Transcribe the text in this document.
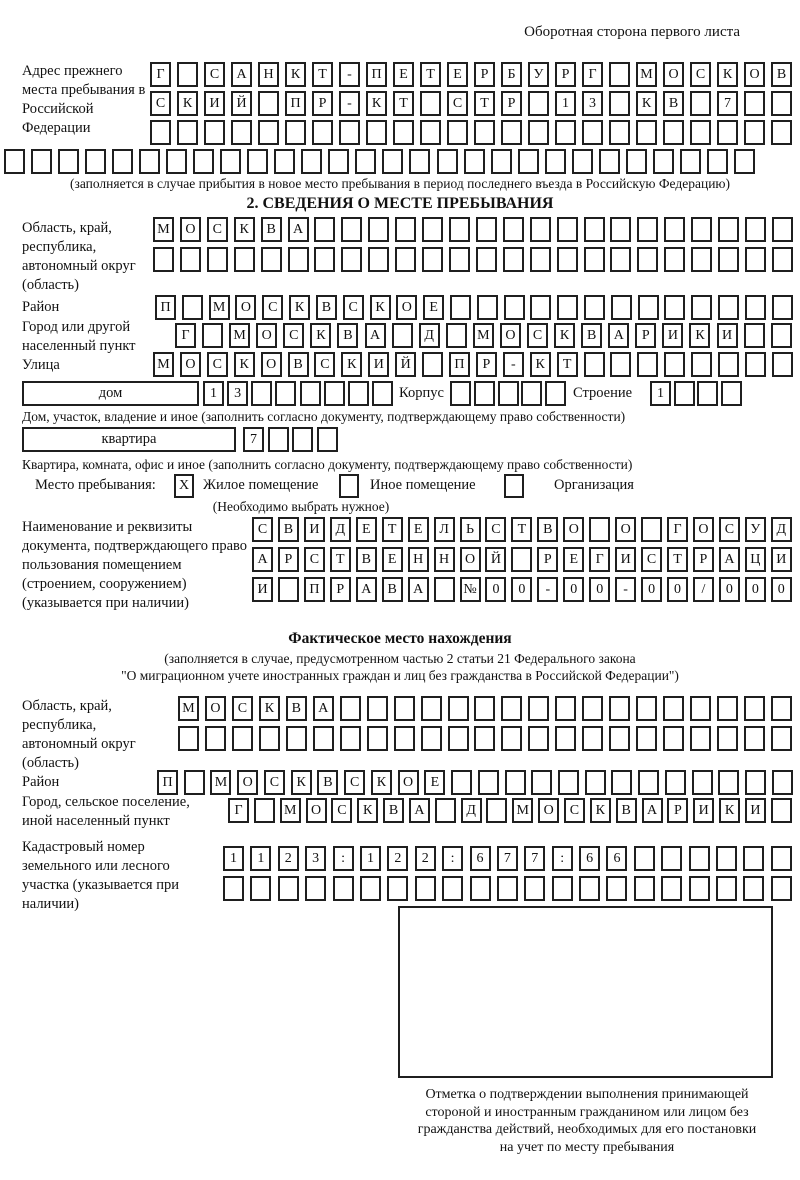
Оборотная сторона первого листа
Адрес прежнего места пребывания в Российской Федерации
Г	С	А	Н	К	Т	-	П	Е	Т	Е	Р	Б	У	Р	Г	М	О	С	К	О	В
С	К	И	Й	П	Р	-	К	Т	С	Т	Р	1	3	К	В	7
(заполняется в случае прибытия в новое место пребывания в период последнего въезда в Российскую Федерацию)
2. СВЕДЕНИЯ О МЕСТЕ ПРЕБЫВАНИЯ
Область, край, республика, автономный округ (область)
М	О	С	К	В	А
Район	П	М	О	С	К	В	С	К	О	Е
Город или другой населенный пункт
Г	М	О	С	К	В	А	Д	М	О	С	К	В	А	Р	И	К	И
Улица	М	О	С	К	О	В	С	К	И	Й	П	Р	-	К	Т
дом	1	3	Корпус	Строение	1
Дом, участок, владение и иное (заполнить согласно документу, подтверждающему право собственности)
квартира	7
Квартира, комната, офис и иное (заполнить согласно документу, подтверждающему право собственности)
Место пребывания:	X Жилое помещение	Иное помещение	Организация
(Необходимо выбрать нужное)
Наименование и реквизиты документа, подтверждающего право пользования помещением (строением, сооружением) (указывается при наличии)
С	В	И	Д	Е	Т	Е	Л	Ь	С	Т	В	О	О	Г	О	С	У	Д
А	Р	С	Т	В	Е	Н	Н	О	Й	Р	Е	Г	И	С	Т	Р	А	Ц	И
И	П	Р	А	В	А	№	0	0	-	0	0	-	0	0	/	0	0	0
Фактическое место нахождения
(заполняется в случае, предусмотренном частью 2 статьи 21 Федерального закона
"О миграционном учете иностранных граждан и лиц без гражданства в Российской Федерации")
Область, край, республика, автономный округ (область)
М	О	С	К	В	А
Район	П	М	О	С	К	В	С	К	О	Е
Город, сельское поселение, иной населенный пункт
Г	М	О	С	К	В	А	Д	М	О	С	К	В	А	Р	И	К	И
Кадастровый номер земельного или лесного участка (указывается при наличии)
1	1	2	3	:	1	2	2	:	6	7	7	:	6	6
Отметка о подтверждении выполнения принимающей
стороной и иностранным гражданином или лицом без
гражданства действий, необходимых для его постановки
на учет по месту пребывания
